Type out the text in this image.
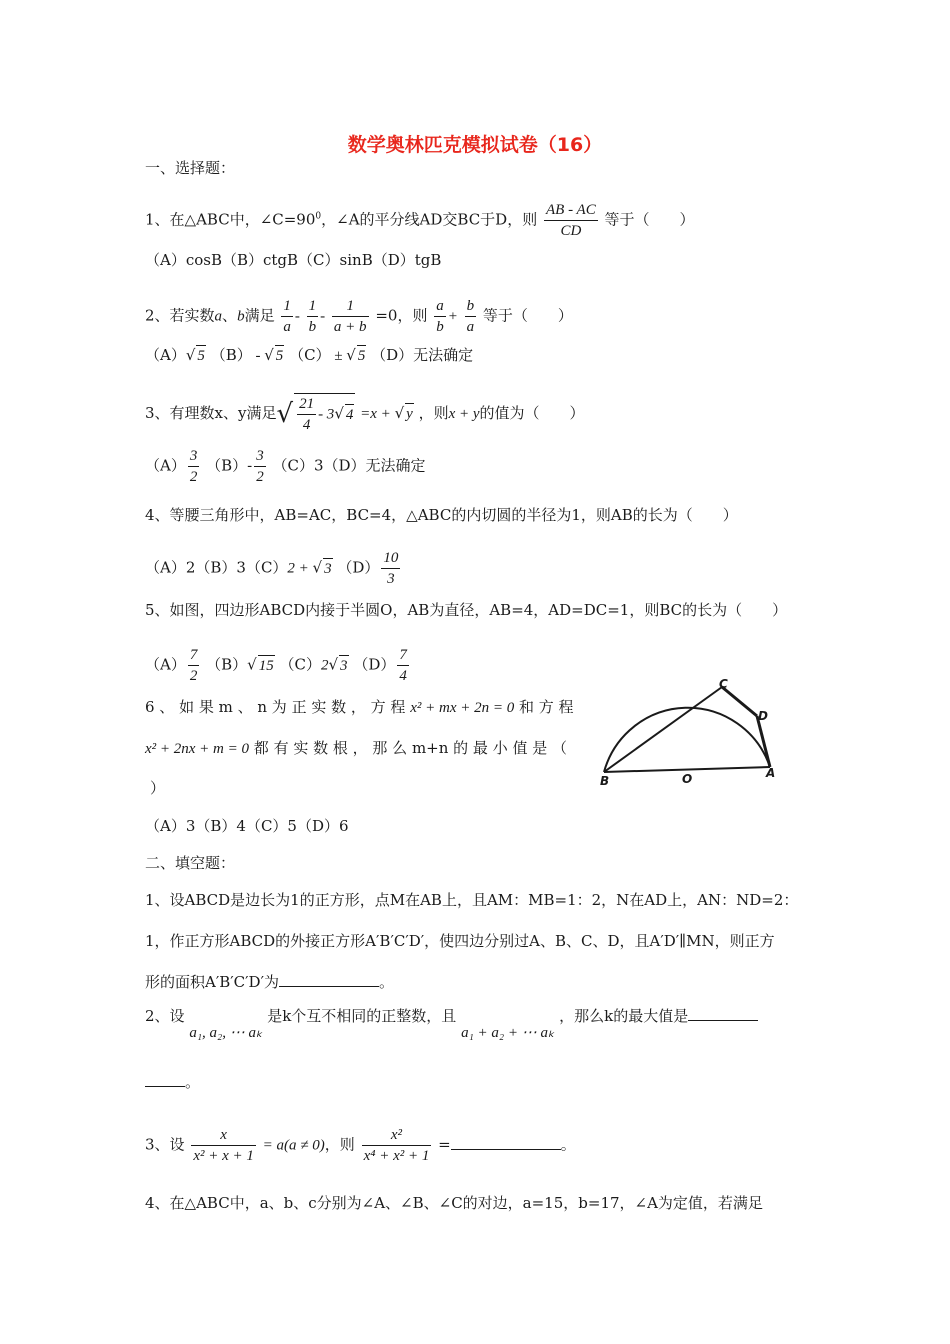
数学奥林匹克模拟试卷（16）
一、选择题：
1、在△ABC中，$\angle C=90^0$，∠A的平分线AD交BC于D，则 $\frac{AB - AC}{CD}$ 等于（　　）
（A）cosB（B）ctgB（C）sinB（D）tgB
2、若实数a、b满足 $\frac{1}{a} - \frac{1}{b} - \frac{1}{a + b} =0$，则 $\frac{a}{b} + \frac{b}{a}$ 等于（　　）
（A）√ 5 （B） - √ 5 （C） ± √ 5 （D）无法确定
3、有理数x、y满足√ $\frac{21}{4} - 3√$ 4 =x + √ y ，则x + y的值为（　　）
$(A) \frac{3}{2} (B)- \frac{3}{2} (C)3(D)$无法确定
4、等腰三角形中，AB=AC，BC=4，△ABC的内切圆的半径为1，则AB的长为（　　）
（A）2（B）3（C）2 + √ 3 $(D) \frac{10}{3}$
5、如图，四边形ABCD内接于半圆O，AB为直径，AB=4，AD=DC=1，则BC的长为（　　）
$(A) \frac{7}{2} (B)√$ 15 （C）2√ 3 $(D) \frac{7}{4}$
6 、 如 果 m 、 n 为 正 实 数 ， 方 程 x² + mx + 2n = 0 和 方 程
x² + 2nx + m = 0 都 有 实 数 根 ， 那 么 m+n 的 最 小 值 是 （
）
（A）3（B）4（C）5（D）6
B	O	A
C
D
二、填空题：
1、设ABCD是边长为1的正方形，点M在AB上，且AM：MB=1：2，N在AD上，AN：ND=2：
1，作正方形ABCD的外接正方形A′B′C′D′，使四边分别过A、B、C、D，且A′D′∥MN，则正方
形的面积A′B′C′D′为	。
2、设 a₁, a₂, ⋯ aₖ 是k个互不相同的正整数，且 a₁ + a₂ + ⋯ aₖ ，那么k的最大值是
。
3、设 $\frac{x}{\text{x² + x + 1}} = a(a \ne 0)$，则 $\frac{\text{x²}}{\text{x⁴ + x² + 1}}$ =	。
4、在△ABC中，a、b、c分别为∠A、∠B、∠C的对边，a=15，b=17，∠A为定值，若满足
